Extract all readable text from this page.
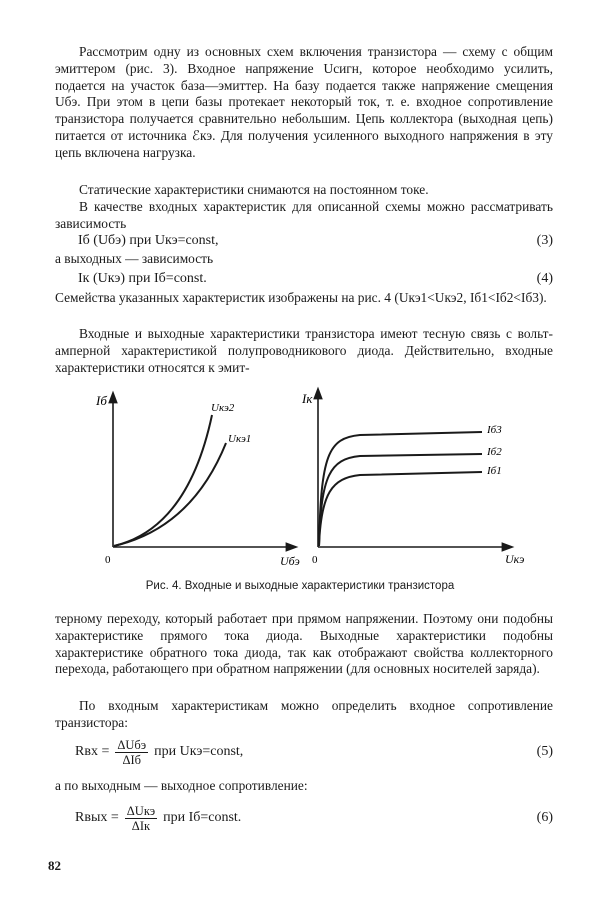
Рассмотрим одну из основных схем включения транзистора — схему с общим эмиттером (рис. 3). Входное напряжение Uсигн, которое необходимо усилить, подается на участок база—эмиттер. На базу подается также напряжение смещения Uбэ. При этом в цепи базы протекает некоторый ток, т. е. входное сопротивление транзистора получается сравнительно небольшим. Цепь коллектора (выходная цепь) питается от источника ℰкэ. Для получения усиленного выходного напряжения в эту цепь включена нагрузка.

Статические характеристики снимаются на постоянном токе.

В качестве входных характеристик для описанной схемы можно рассматривать зависимость

Iб (Uбэ) при Uкэ=const,	(3)
а выходных — зависимость
Iк (Uкэ) при Iб=const.	(4)

Семейства указанных характеристик изображены на рис. 4 (Uкэ1<Uкэ2, Iб1<Iб2<Iб3).

Входные и выходные характеристики транзистора имеют тесную связь с вольт-амперной характеристикой полупроводникового диода. Действительно, входные характеристики относятся к эмит-

Iб
Uбэ
0
Uкэ2
Uкэ1
Iк
Uкэ
0
Iб3
Iб2
Iб1
Рис. 4. Входные и выходные характеристики транзистора

терному переходу, который работает при прямом напряжении. Поэтому они подобны характеристике прямого тока диода. Выходные характеристики подобны характеристике обратного тока диода, так как отображают свойства коллекторного перехода, работающего при обратном напряжении (для основных носителей заряда).

По входным характеристикам можно определить входное сопротивление транзистора:

Rвх = $\frac{\text{ΔUбэ}}{\text{ΔIб}}$ при Uкэ=const,	(5)
а по выходным — выходное сопротивление:
Rвых = $\frac{\text{ΔUкэ}}{\text{ΔIк}}$ при Iб=const.	(6)
82
